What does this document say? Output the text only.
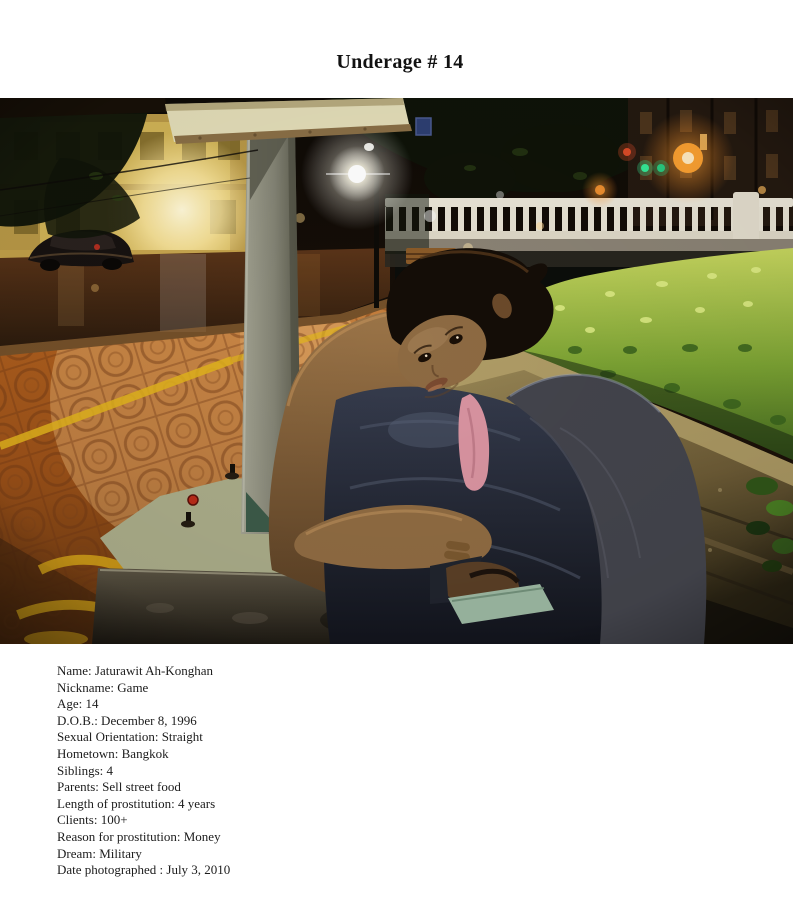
Underage # 14
Name: Jaturawit Ah-Konghan
Nickname: Game
Age: 14
D.O.B.: December 8, 1996
Sexual Orientation: Straight
Hometown: Bangkok
Siblings: 4
Parents: Sell street food
Length of prostitution: 4 years
Clients: 100+
Reason for prostitution: Money
Dream: Military
Date photographed : July 3, 2010
